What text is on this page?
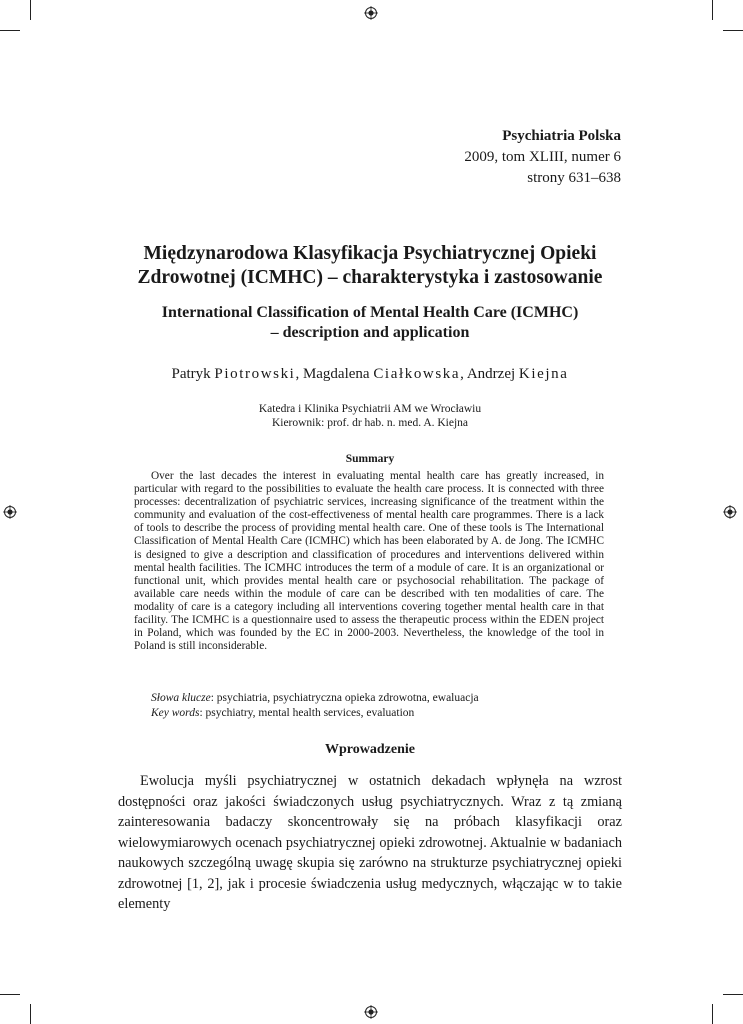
Psychiatria Polska
2009, tom XLIII, numer 6
strony 631–638
Międzynarodowa Klasyfikacja Psychiatrycznej Opieki
Zdrowotnej (ICMHC) – charakterystyka i zastosowanie
International Classification of Mental Health Care (ICMHC)
– description and application
Patryk Piotrowski, Magdalena Ciałkowska, Andrzej Kiejna
Katedra i Klinika Psychiatrii AM we Wrocławiu
Kierownik: prof. dr hab. n. med. A. Kiejna
Summary

Over the last decades the interest in evaluating mental health care has greatly increased, in particular with regard to the possibilities to evaluate the health care process. It is connected with three processes: decentralization of psychiatric services, increasing significance of the treatment within the community and evaluation of the cost-effectiveness of mental health care programmes. There is a lack of tools to describe the process of providing mental health care. One of these tools is The International Classification of Mental Health Care (ICMHC) which has been elaborated by A. de Jong. The ICMHC is designed to give a description and classification of procedures and interventions delivered within mental health facilities. The ICMHC introduces the term of a module of care. It is an organizational or functional unit, which provides mental health care or psychosocial rehabilitation. The package of available care needs within the module of care can be described with ten modalities of care. The modality of care is a category including all interventions covering together mental health care in that facility. The ICMHC is a questionnaire used to assess the therapeutic process within the EDEN project in Poland, which was founded by the EC in 2000-2003. Nevertheless, the knowledge of the tool in Poland is still inconsiderable.

Słowa klucze: psychiatria, psychiatryczna opieka zdrowotna, ewaluacja
Key words: psychiatry, mental health services, evaluation
Wprowadzenie

Ewolucja myśli psychiatrycznej w ostatnich dekadach wpłynęła na wzrost dostępności oraz jakości świadczonych usług psychiatrycznych. Wraz z tą zmianą zainteresowania badaczy skoncentrowały się na próbach klasyfikacji oraz wielowymiarowych ocenach psychiatrycznej opieki zdrowotnej. Aktualnie w badaniach naukowych szczególną uwagę skupia się zarówno na strukturze psychiatrycznej opieki zdrowotnej [1, 2], jak i procesie świadczenia usług medycznych, włączając w to takie elementy
